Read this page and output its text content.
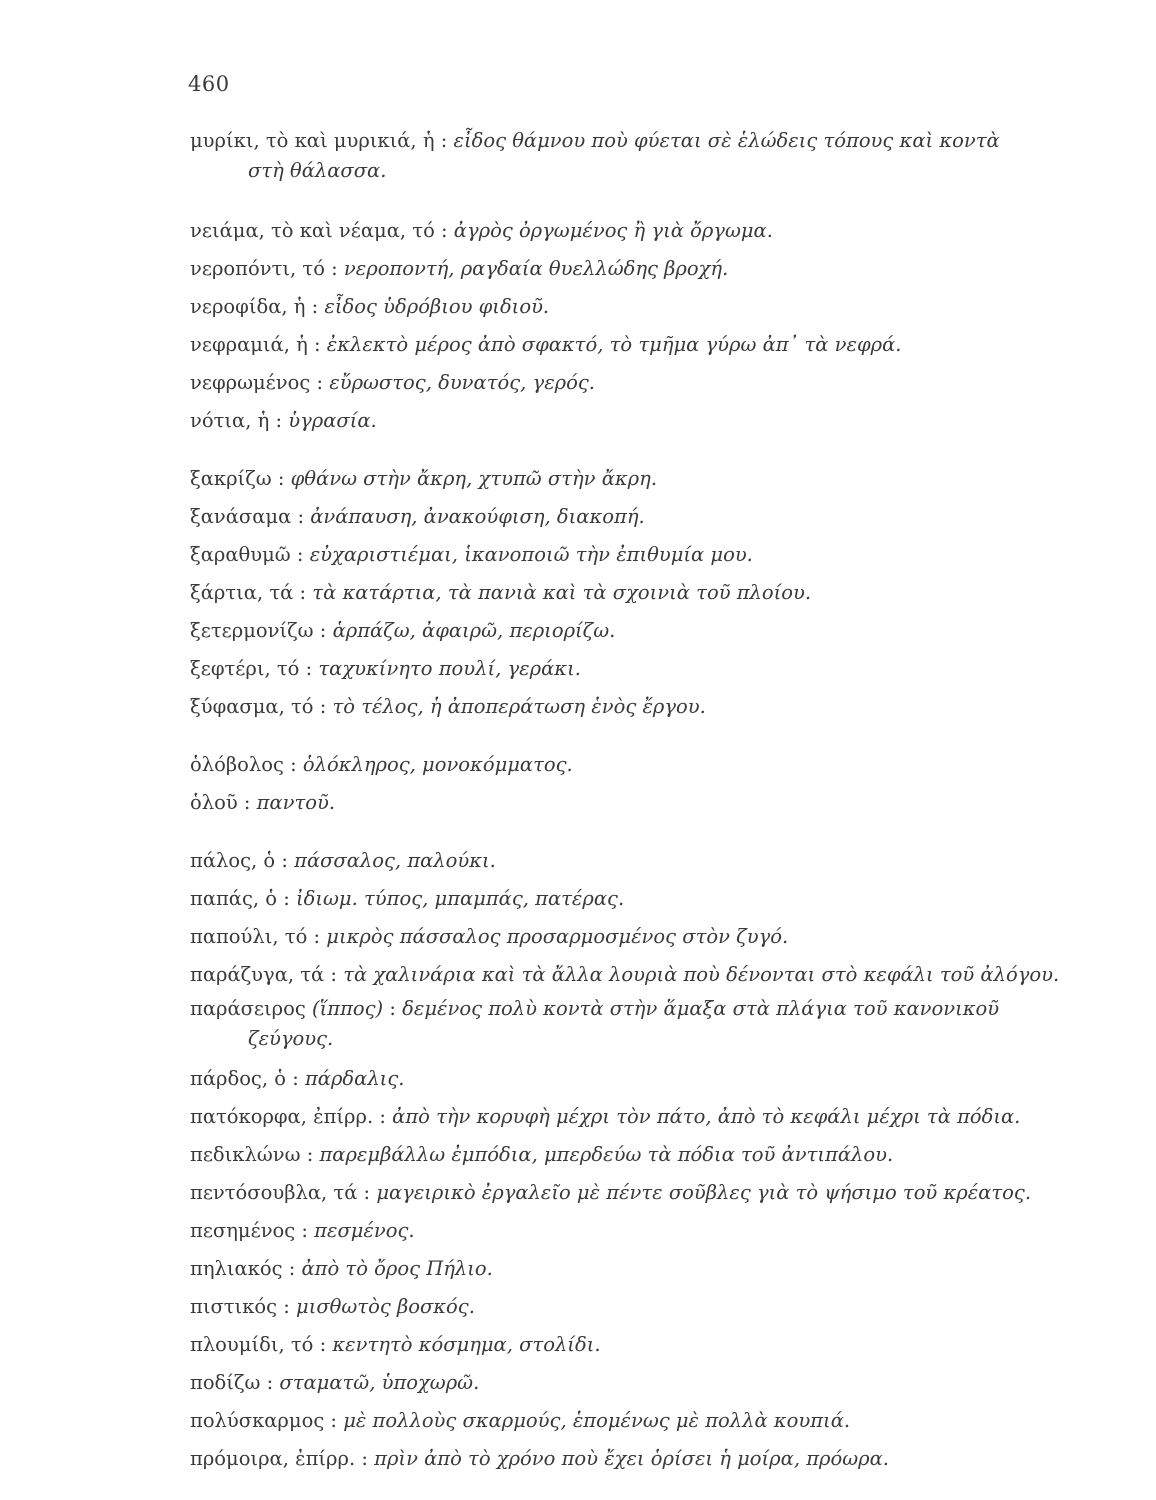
460
μυρίκι, τὸ καὶ μυρικιά, ἡ : εἶδος θάμνου ποὺ φύεται σὲ ἑλώδεις τόπους καὶ κοντὰ
στὴ θάλασσα.
νειάμα, τὸ καὶ νέαμα, τό : ἀγρὸς ὀργωμένος ἢ γιὰ ὄργωμα.
νεροπόντι, τό : νεροποντή, ραγδαία θυελλώδης βροχή.
νεροφίδα, ἡ : εἶδος ὑδρόβιου φιδιοῦ.
νεφραμιά, ἡ : ἐκλεκτὸ μέρος ἀπὸ σφακτό, τὸ τμῆμα γύρω ἀπ᾽ τὰ νεφρά.
νεφρωμένος : εὔρωστος, δυνατός, γερός.
νότια, ἡ : ὑγρασία.
ξακρίζω : φθάνω στὴν ἄκρη, χτυπῶ στὴν ἄκρη.
ξανάσαμα : ἀνάπαυση, ἀνακούφιση, διακοπή.
ξαραθυμῶ : εὐχαριστιέμαι, ἱκανοποιῶ τὴν ἐπιθυμία μου.
ξάρτια, τά : τὰ κατάρτια, τὰ πανιὰ καὶ τὰ σχοινιὰ τοῦ πλοίου.
ξετερμονίζω : ἁρπάζω, ἀφαιρῶ, περιορίζω.
ξεφτέρι, τό : ταχυκίνητο πουλί, γεράκι.
ξύφασμα, τό : τὸ τέλος, ἡ ἀποπεράτωση ἑνὸς ἔργου.
ὁλόβολος : ὁλόκληρος, μονοκόμματος.
ὁλοῦ : παντοῦ.
πάλος, ὁ : πάσσαλος, παλούκι.
παπάς, ὁ : ἰδιωμ. τύπος, μπαμπάς, πατέρας.
παπούλι, τό : μικρὸς πάσσαλος προσαρμοσμένος στὸν ζυγό.
παράζυγα, τά : τὰ χαλινάρια καὶ τὰ ἄλλα λουριὰ ποὺ δένονται στὸ κεφάλι τοῦ ἀλόγου.
παράσειρος (ἵππος) : δεμένος πολὺ κοντὰ στὴν ἅμαξα στὰ πλάγια τοῦ κανονικοῦ
ζεύγους.
πάρδος, ὁ : πάρδαλις.
πατόκορφα, ἐπίρρ. : ἀπὸ τὴν κορυφὴ μέχρι τὸν πάτο, ἀπὸ τὸ κεφάλι μέχρι τὰ πόδια.
πεδικλώνω : παρεμβάλλω ἐμπόδια, μπερδεύω τὰ πόδια τοῦ ἀντιπάλου.
πεντόσουβλα, τά : μαγειρικὸ ἐργαλεῖο μὲ πέντε σοῦβλες γιὰ τὸ ψήσιμο τοῦ κρέατος.
πεσημένος : πεσμένος.
πηλιακός : ἀπὸ τὸ ὄρος Πήλιο.
πιστικός : μισθωτὸς βοσκός.
πλουμίδι, τό : κεντητὸ κόσμημα, στολίδι.
ποδίζω : σταματῶ, ὑποχωρῶ.
πολύσκαρμος : μὲ πολλοὺς σκαρμούς, ἑπομένως μὲ πολλὰ κουπιά.
πρόμοιρα, ἐπίρρ. : πρὶν ἀπὸ τὸ χρόνο ποὺ ἔχει ὁρίσει ἡ μοίρα, πρόωρα.
